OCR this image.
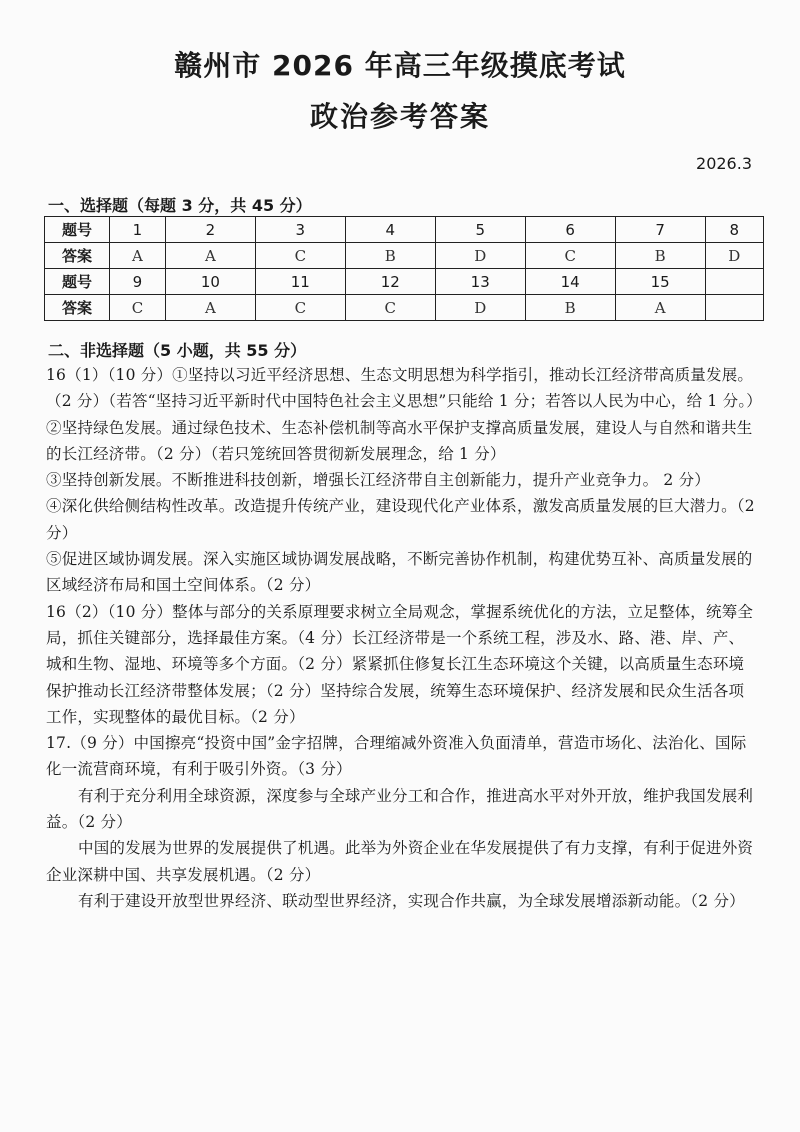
赣州市 2026 年高三年级摸底考试
政治参考答案
2026.3
一、选择题（每题 3 分，共 45 分）
题号	1	2	3	4	5	6	7	8
答案	A	A	C	B	D	C	B	D
题号	9	10	11	12	13	14	15	
答案	C	A	C	C	D	B	A	
二、非选择题（5 小题，共 55 分）

16（1）（10 分）①坚持以习近平经济思想、生态文明思想为科学指引，推动长江经济带高质量发展。（2 分）（若答“坚持习近平新时代中国特色社会主义思想”只能给 1 分；若答以人民为中心，给 1 分。）

②坚持绿色发展。通过绿色技术、生态补偿机制等高水平保护支撑高质量发展，建设人与自然和谐共生的长江经济带。（2 分）（若只笼统回答贯彻新发展理念，给 1 分）

③坚持创新发展。不断推进科技创新，增强长江经济带自主创新能力，提升产业竞争力。 2 分）

④深化供给侧结构性改革。改造提升传统产业，建设现代化产业体系，激发高质量发展的巨大潜力。（2 分）

⑤促进区域协调发展。深入实施区域协调发展战略，不断完善协作机制，构建优势互补、高质量发展的区域经济布局和国土空间体系。（2 分）

16（2）（10 分）整体与部分的关系原理要求树立全局观念，掌握系统优化的方法，立足整体，统筹全局，抓住关键部分，选择最佳方案。（4 分）长江经济带是一个系统工程，涉及水、路、港、岸、产、城和生物、湿地、环境等多个方面。（2 分）紧紧抓住修复长江生态环境这个关键，以高质量生态环境保护推动长江经济带整体发展；（2 分）坚持综合发展，统筹生态环境保护、经济发展和民众生活各项工作，实现整体的最优目标。（2 分）

17.（9 分）中国擦亮“投资中国”金字招牌，合理缩减外资准入负面清单，营造市场化、法治化、国际化一流营商环境，有利于吸引外资。（3 分）

有利于充分利用全球资源，深度参与全球产业分工和合作，推进高水平对外开放，维护我国发展利益。（2 分）

中国的发展为世界的发展提供了机遇。此举为外资企业在华发展提供了有力支撑，有利于促进外资企业深耕中国、共享发展机遇。（2 分）

有利于建设开放型世界经济、联动型世界经济，实现合作共赢，为全球发展增添新动能。（2 分）
